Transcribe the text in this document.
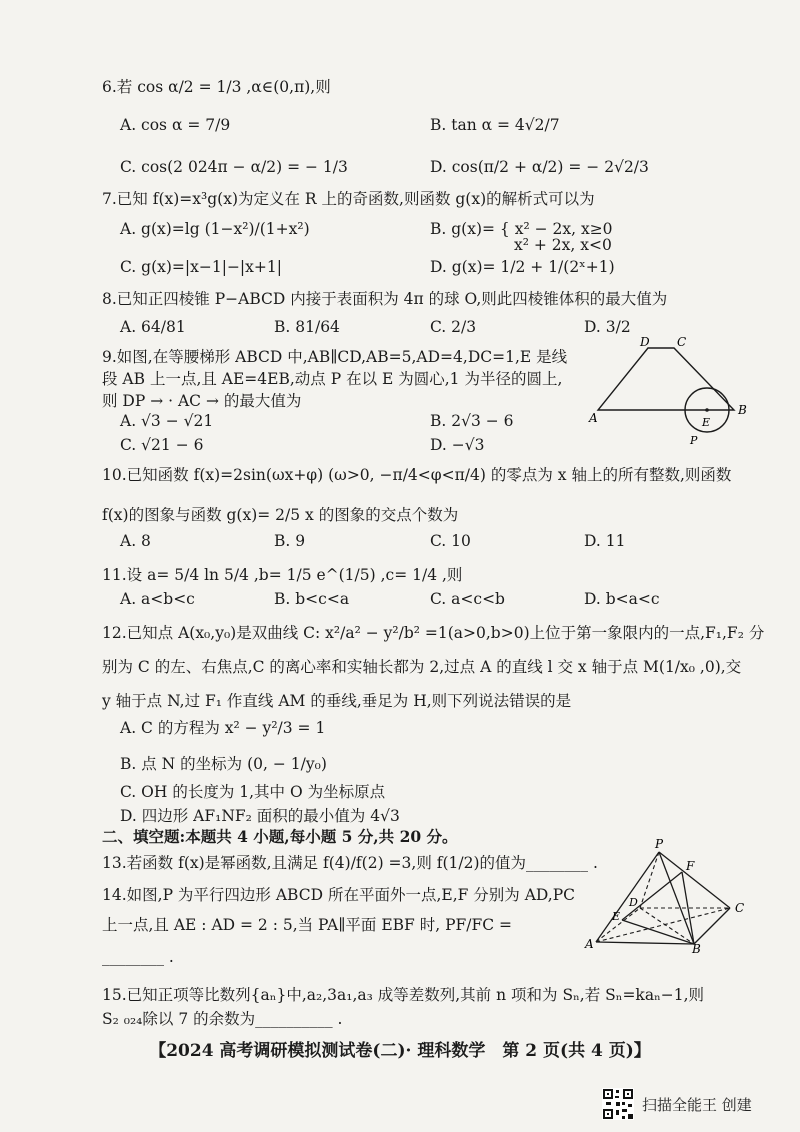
6.若 cos α/2 = 1/3 ,α∈(0,π),则
A. cos α = 7/9	B. tan α = 4√2/7
C. cos(2 024π − α/2) = − 1/3	D. cos(π/2 + α/2) = − 2√2/3
7.已知 f(x)=x³g(x)为定义在 R 上的奇函数,则函数 g(x)的解析式可以为
A. g(x)=lg (1−x²)/(1+x²)	B. g(x)= { x² − 2x, x≥0
x² + 2x, x<0
C. g(x)=|x−1|−|x+1|	D. g(x)= 1/2 + 1/(2ˣ+1)
8.已知正四棱锥 P−ABCD 内接于表面积为 4π 的球 O,则此四棱锥体积的最大值为
A. 64/81	B. 81/64	C. 2/3	D. 3/2
9.如图,在等腰梯形 ABCD 中,AB∥CD,AB=5,AD=4,DC=1,E 是线
段 AB 上一点,且 AE=4EB,动点 P 在以 E 为圆心,1 为半径的圆上,
则 DP → · AC → 的最大值为
A. √3 − √21	B. 2√3 − 6
C. √21 − 6	D. −√3
D C
A
B
E
P
10.已知函数 f(x)=2sin(ωx+φ) (ω>0, −π/4<φ<π/4) 的零点为 x 轴上的所有整数,则函数
f(x)的图象与函数 g(x)= 2/5 x 的图象的交点个数为
A. 8	B. 9	C. 10	D. 11
11.设 a= 5/4 ln 5/4 ,b= 1/5 e^(1/5) ,c= 1/4 ,则
A. a<b<c	B. b<c<a	C. a<c<b	D. b<a<c
12.已知点 A(x₀,y₀)是双曲线 C: x²/a² − y²/b² =1(a>0,b>0)上位于第一象限内的一点,F₁,F₂ 分
别为 C 的左、右焦点,C 的离心率和实轴长都为 2,过点 A 的直线 l 交 x 轴于点 M(1/x₀ ,0),交
y 轴于点 N,过 F₁ 作直线 AM 的垂线,垂足为 H,则下列说法错误的是
A. C 的方程为 x² − y²/3 = 1
B. 点 N 的坐标为 (0, − 1/y₀)
C. OH 的长度为 1,其中 O 为坐标原点
D. 四边形 AF₁NF₂ 面积的最小值为 4√3
二、填空题:本题共 4 小题,每小题 5 分,共 20 分。
13.若函数 f(x)是幂函数,且满足 f(4)/f(2) =3,则 f(1/2)的值为________ .
14.如图,P 为平行四边形 ABCD 所在平面外一点,E,F 分别为 AD,PC
上一点,且 AE : AD = 2 : 5,当 PA∥平面 EBF 时, PF/FC =
________ .
P
F
D
E
A	B
C
15.已知正项等比数列{aₙ}中,a₂,3a₁,a₃ 成等差数列,其前 n 项和为 Sₙ,若 Sₙ=kaₙ−1,则
S₂ ₀₂₄除以 7 的余数为__________ .
【2024 高考调研模拟测试卷(二)· 理科数学　第 2 页(共 4 页)】
扫描全能王 创建
